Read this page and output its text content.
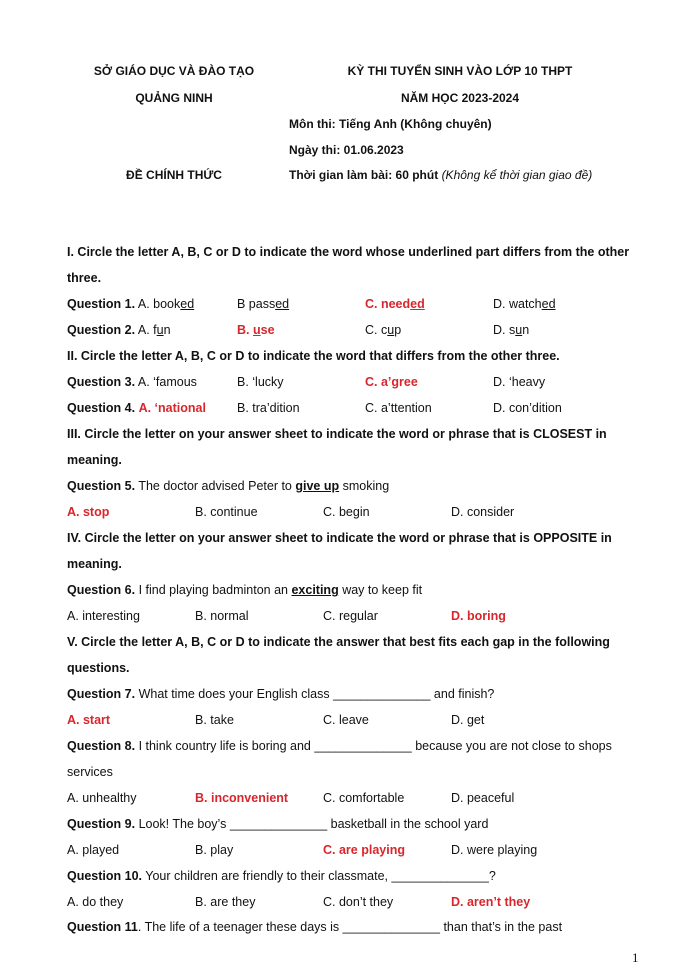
SỞ GIÁO DỤC VÀ ĐÀO TẠO
QUẢNG NINH
ĐỀ CHÍNH THỨC
KỲ THI TUYỂN SINH VÀO LỚP 10 THPT
NĂM HỌC 2023-2024
Môn thi: Tiếng Anh (Không chuyên)
Ngày thi: 01.06.2023
Thời gian làm bài: 60 phút (Không kể thời gian giao đề)
I. Circle the letter A, B, C or D to indicate the word whose underlined part differs from the other
three.
Question 1. A. booked	B passed	C. needed	D. watched
Question 2. A. fun	B. use	C. cup	D. sun
II. Circle the letter A, B, C or D to indicate the word that differs from the other three.
Question 3. A. ‘famous	B. ‘lucky	C. a’gree	D. ‘heavy
Question 4. A. ‘national B. tra’dition	C. a’ttention	D. con’dition
III. Circle the letter on your answer sheet to indicate the word or phrase that is CLOSEST in
meaning.
Question 5. The doctor advised Peter to give up smoking
A. stop	B. continue	C. begin	D. consider
IV. Circle the letter on your answer sheet to indicate the word or phrase that is OPPOSITE in
meaning.
Question 6. I find playing badminton an exciting way to keep fit
A. interesting	B. normal	C. regular	D. boring
V. Circle the letter A, B, C or D to indicate the answer that best fits each gap in the following
questions.
Question 7. What time does your English class ______________ and finish?
A. start	B. take	C. leave	D. get
Question 8. I think country life is boring and ______________ because you are not close to shops
services
A. unhealthy	B. inconvenient	C. comfortable	D. peaceful
Question 9. Look! The boy’s ______________ basketball in the school yard
A. played	B. play	C. are playing	D. were playing
Question 10. Your children are friendly to their classmate, ______________?
A. do they	B. are they	C. don’t they	D. aren’t they
Question 11. The life of a teenager these days is ______________ than that’s in the past
1
